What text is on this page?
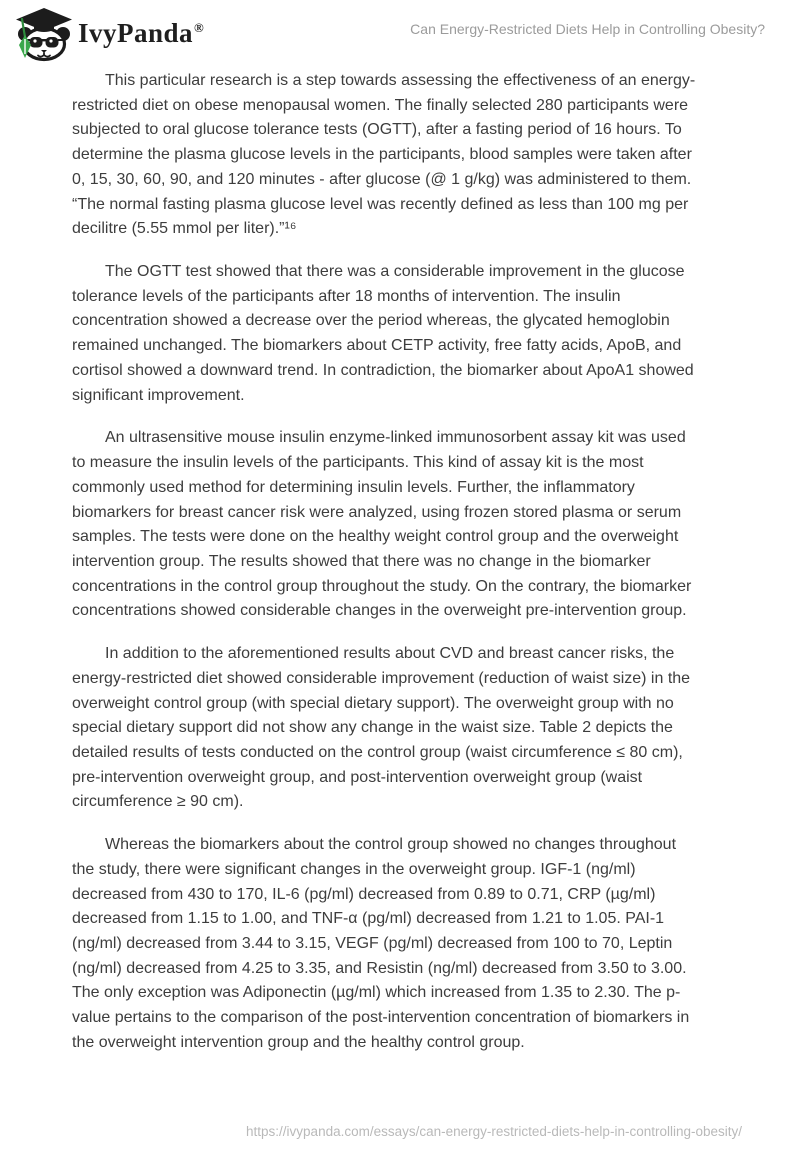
IvyPanda®	Can Energy-Restricted Diets Help in Controlling Obesity?
This particular research is a step towards assessing the effectiveness of an energy-
restricted diet on obese menopausal women. The finally selected 280 participants were
subjected to oral glucose tolerance tests (OGTT), after a fasting period of 16 hours. To
determine the plasma glucose levels in the participants, blood samples were taken after
0, 15, 30, 60, 90, and 120 minutes - after glucose (@ 1 g/kg) was administered to them.
“The normal fasting plasma glucose level was recently defined as less than 100 mg per
decilitre (5.55 mmol per liter).”¹⁶
The OGTT test showed that there was a considerable improvement in the glucose
tolerance levels of the participants after 18 months of intervention. The insulin
concentration showed a decrease over the period whereas, the glycated hemoglobin
remained unchanged. The biomarkers about CETP activity, free fatty acids, ApoB, and
cortisol showed a downward trend. In contradiction, the biomarker about ApoA1 showed
significant improvement.
An ultrasensitive mouse insulin enzyme-linked immunosorbent assay kit was used
to measure the insulin levels of the participants. This kind of assay kit is the most
commonly used method for determining insulin levels. Further, the inflammatory
biomarkers for breast cancer risk were analyzed, using frozen stored plasma or serum
samples. The tests were done on the healthy weight control group and the overweight
intervention group. The results showed that there was no change in the biomarker
concentrations in the control group throughout the study. On the contrary, the biomarker
concentrations showed considerable changes in the overweight pre-intervention group.
In addition to the aforementioned results about CVD and breast cancer risks, the
energy-restricted diet showed considerable improvement (reduction of waist size) in the
overweight control group (with special dietary support). The overweight group with no
special dietary support did not show any change in the waist size. Table 2 depicts the
detailed results of tests conducted on the control group (waist circumference ≤ 80 cm),
pre-intervention overweight group, and post-intervention overweight group (waist
circumference ≥ 90 cm).
Whereas the biomarkers about the control group showed no changes throughout
the study, there were significant changes in the overweight group. IGF-1 (ng/ml)
decreased from 430 to 170, IL-6 (pg/ml) decreased from 0.89 to 0.71, CRP (µg/ml)
decreased from 1.15 to 1.00, and TNF-α (pg/ml) decreased from 1.21 to 1.05. PAI-1
(ng/ml) decreased from 3.44 to 3.15, VEGF (pg/ml) decreased from 100 to 70, Leptin
(ng/ml) decreased from 4.25 to 3.35, and Resistin (ng/ml) decreased from 3.50 to 3.00.
The only exception was Adiponectin (µg/ml) which increased from 1.35 to 2.30. The p-
value pertains to the comparison of the post-intervention concentration of biomarkers in
the overweight intervention group and the healthy control group.
https://ivypanda.com/essays/can-energy-restricted-diets-help-in-controlling-obesity/
